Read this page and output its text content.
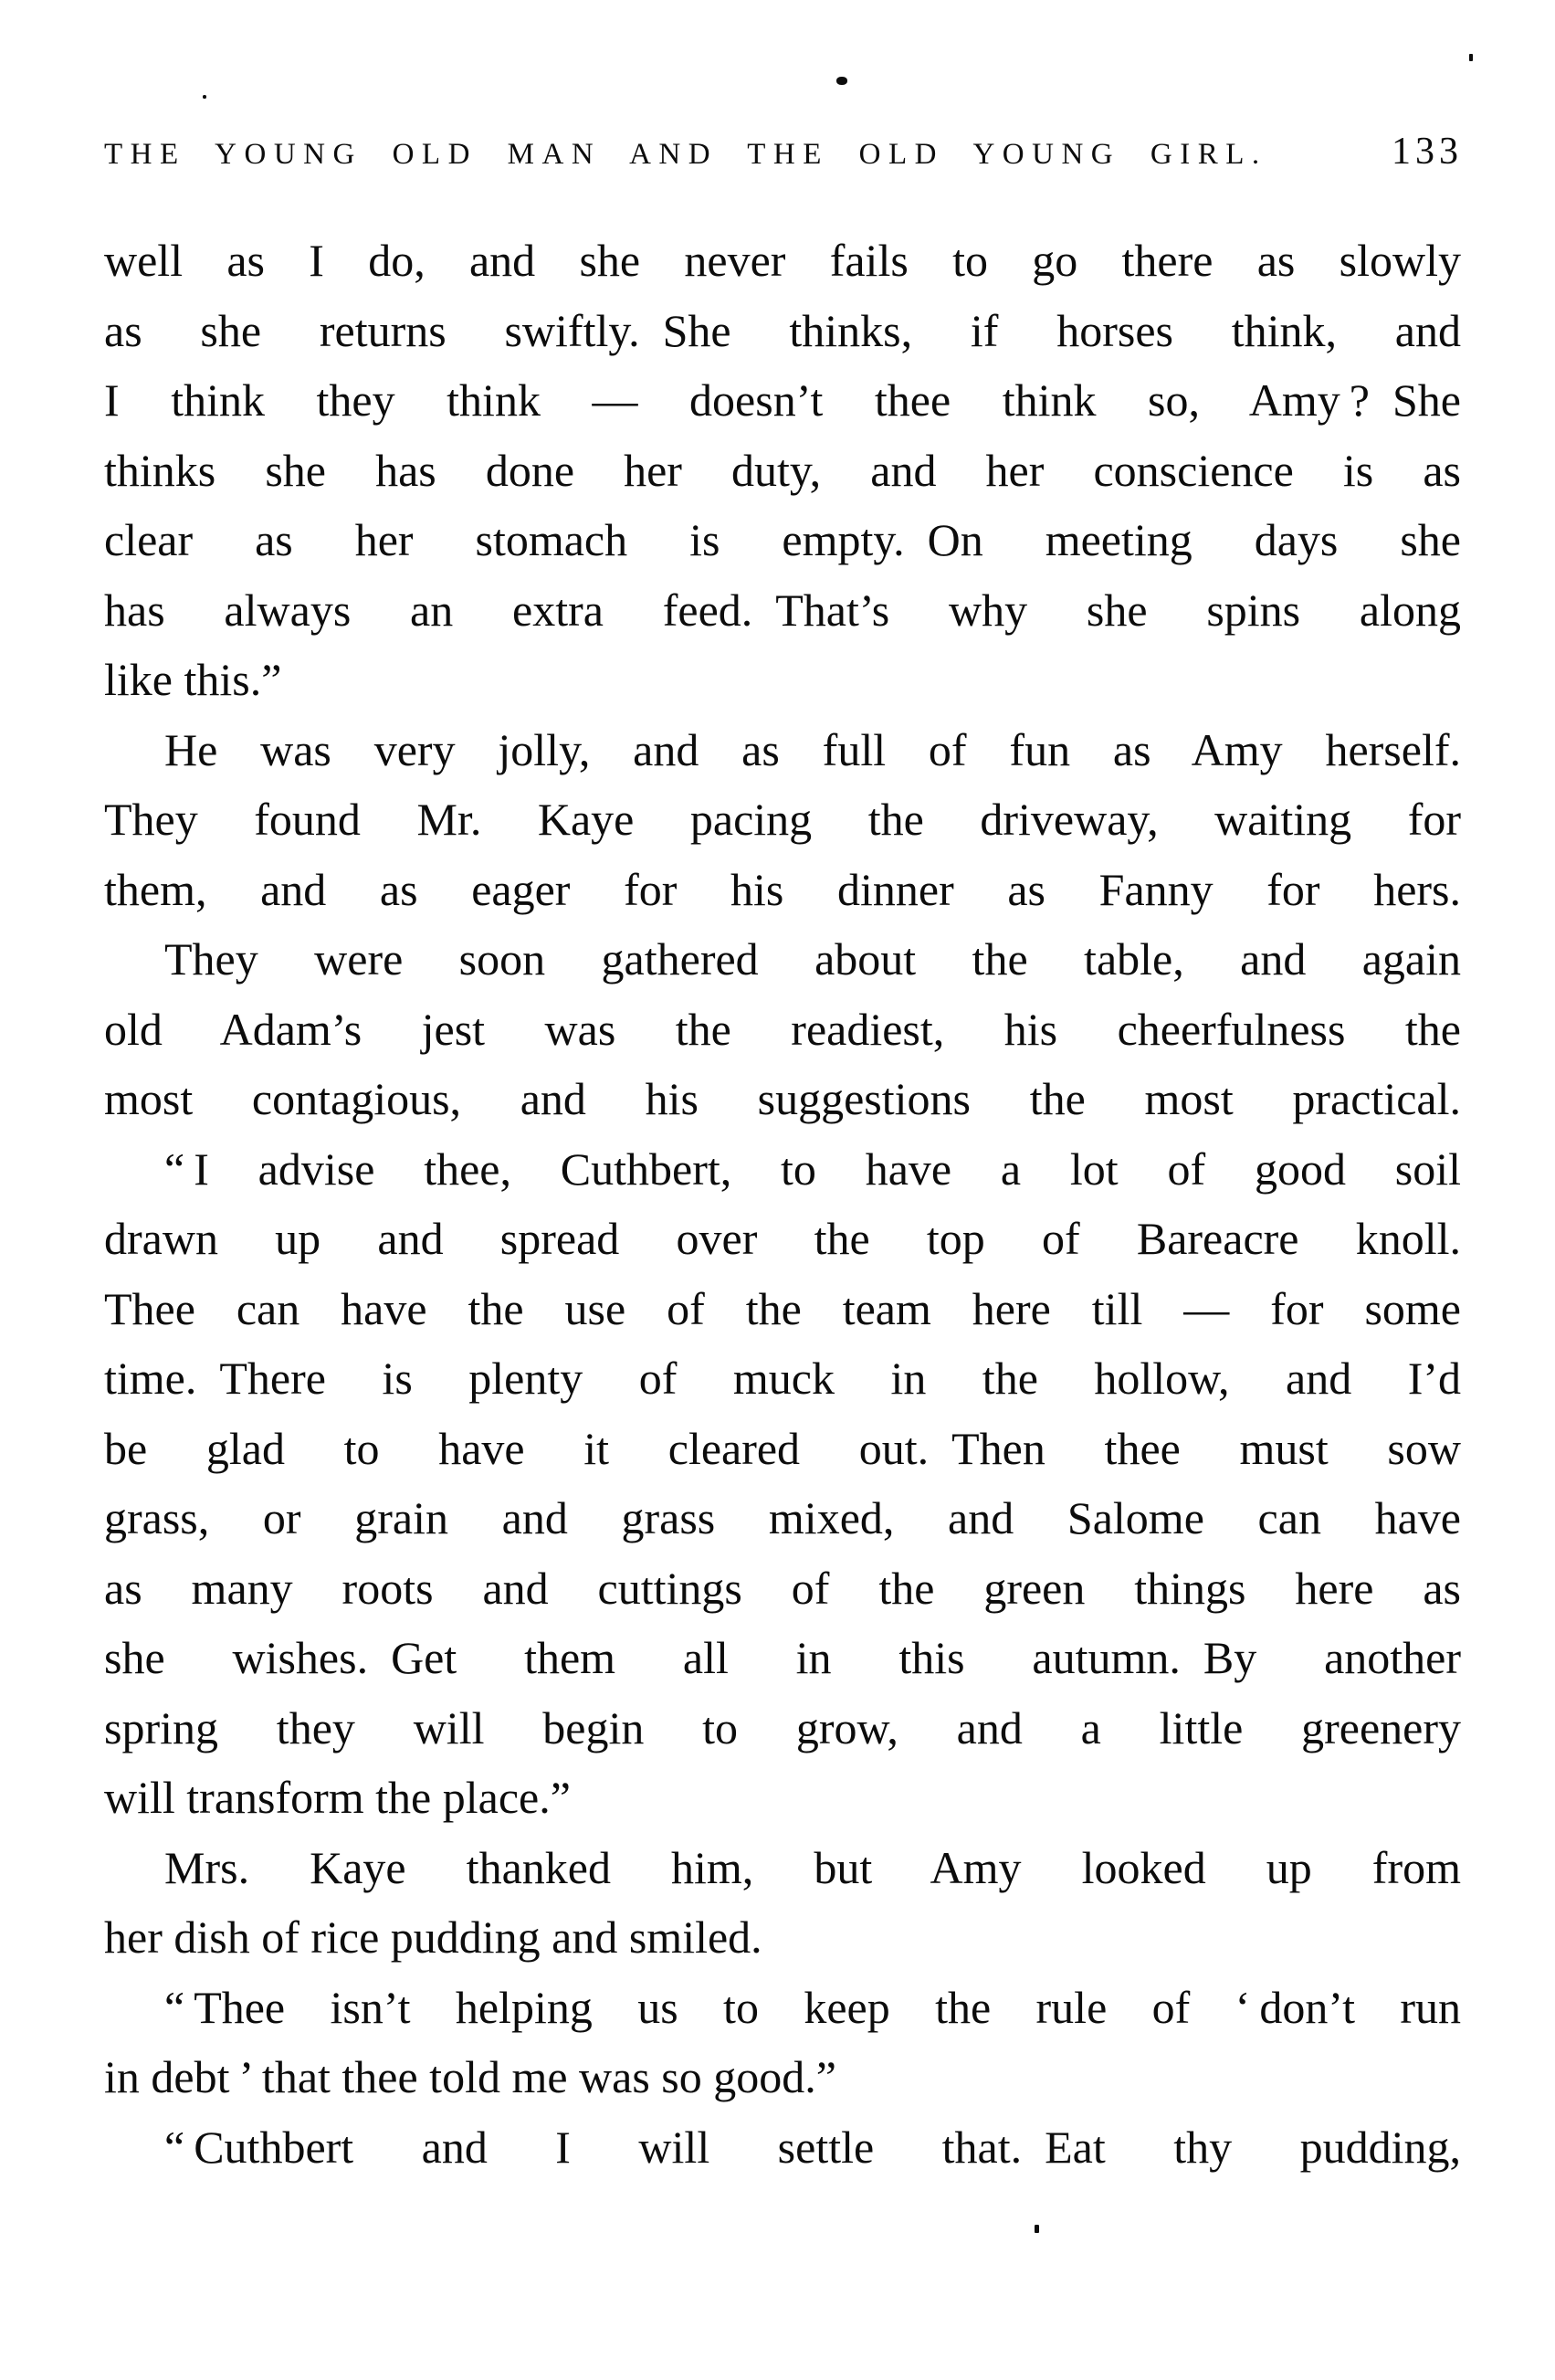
THE YOUNG OLD MAN AND THE OLD YOUNG GIRL.	133
well as I do, and she never fails to go there as slowly
as she returns swiftly. She thinks, if horses think, and
I think they think — doesn’t thee think so, Amy ? She
thinks she has done her duty, and her conscience is as
clear as her stomach is empty. On meeting days she
has always an extra feed. That’s why she spins along
like this.”
He was very jolly, and as full of fun as Amy herself.
They found Mr. Kaye pacing the driveway, waiting for
them, and as eager for his dinner as Fanny for hers.
They were soon gathered about the table, and again
old Adam’s jest was the readiest, his cheerfulness the
most contagious, and his suggestions the most practical.
“ I advise thee, Cuthbert, to have a lot of good soil
drawn up and spread over the top of Bareacre knoll.
Thee can have the use of the team here till — for some
time. There is plenty of muck in the hollow, and I’d
be glad to have it cleared out. Then thee must sow
grass, or grain and grass mixed, and Salome can have
as many roots and cuttings of the green things here as
she wishes. Get them all in this autumn. By another
spring they will begin to grow, and a little greenery
will transform the place.”
Mrs. Kaye thanked him, but Amy looked up from
her dish of rice pudding and smiled.
“ Thee isn’t helping us to keep the rule of ‘ don’t run
in debt ’ that thee told me was so good.”
“ Cuthbert and I will settle that. Eat thy pudding,
